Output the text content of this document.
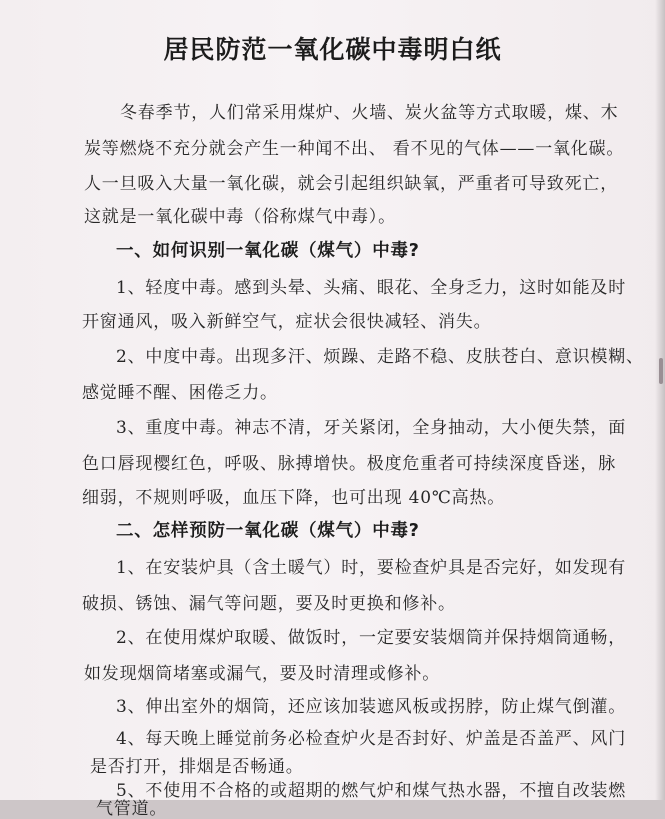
居民防范一氧化碳中毒明白纸
冬春季节，人们常采用煤炉、火墙、炭火盆等方式取暖，煤、木
炭等燃烧不充分就会产生一种闻不出、 看不见的气体——一氧化碳。
人一旦吸入大量一氧化碳，就会引起组织缺氧，严重者可导致死亡，
这就是一氧化碳中毒（俗称煤气中毒）。
一、如何识别一氧化碳（煤气）中毒?
1、轻度中毒。感到头晕、头痛、眼花、全身乏力，这时如能及时
开窗通风，吸入新鲜空气，症状会很快减轻、消失。
2、中度中毒。出现多汗、烦躁、走路不稳、皮肤苍白、意识模糊、
感觉睡不醒、困倦乏力。
3、重度中毒。神志不清，牙关紧闭，全身抽动，大小便失禁，面
色口唇现樱红色，呼吸、脉搏增快。极度危重者可持续深度昏迷，脉
细弱，不规则呼吸，血压下降，也可出现 40℃高热。
二、怎样预防一氧化碳（煤气）中毒?
1、在安装炉具（含土暖气）时，要检查炉具是否完好，如发现有
破损、锈蚀、漏气等问题，要及时更换和修补。
2、在使用煤炉取暖、做饭时，一定要安装烟筒并保持烟筒通畅，
如发现烟筒堵塞或漏气，要及时清理或修补。
3、伸出室外的烟筒，还应该加装遮风板或拐脖，防止煤气倒灌。
4、每天晚上睡觉前务必检查炉火是否封好、炉盖是否盖严、风门
是否打开，排烟是否畅通。
5、不使用不合格的或超期的燃气炉和煤气热水器，不擅自改装燃
气管道。
